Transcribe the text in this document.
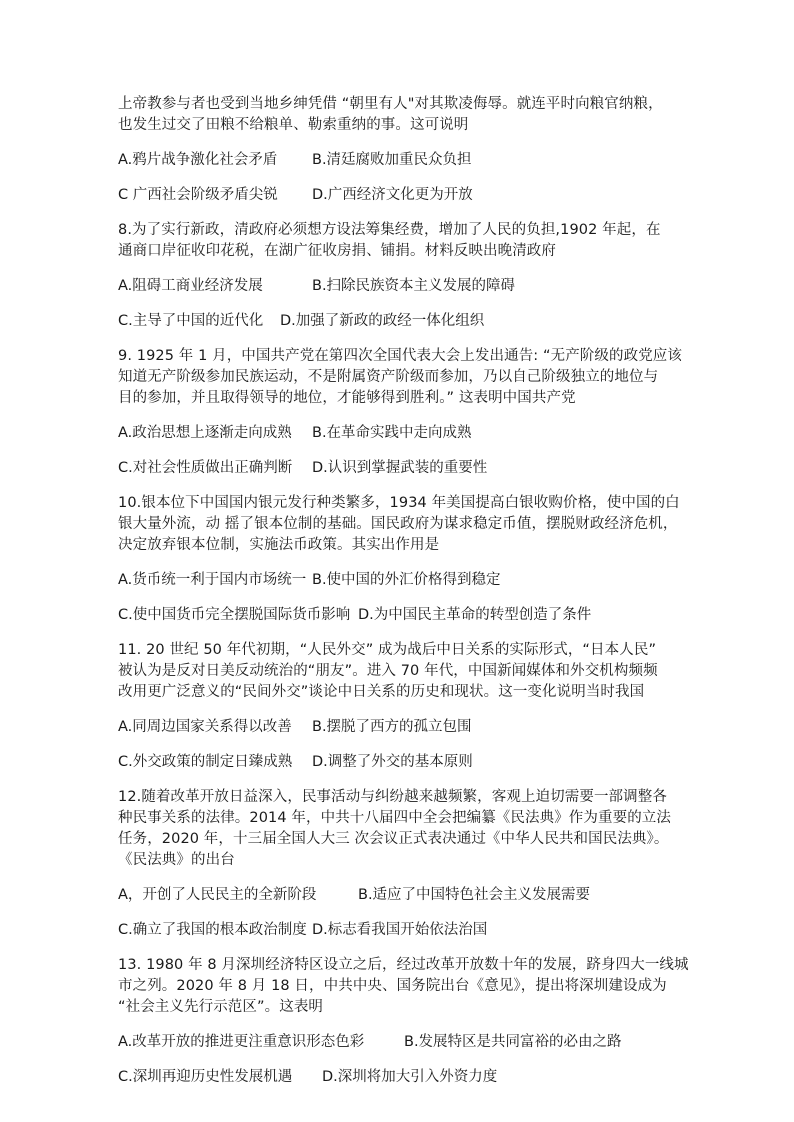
上帝教参与者也受到当地乡绅凭借 “朝里有人"对其欺凌侮辱。就连平时向粮官纳粮，
也发生过交了田粮不给粮单、勒索重纳的事。这可说明

A.鸦片战争激化社会矛盾	B.清廷腐败加重民众负担
C 广西社会阶级矛盾尖锐	D.广西经济文化更为开放

8.为了实行新政，清政府必须想方设法筹集经费，增加了人民的负担,1902 年起，在
通商口岸征收印花税，在湖广征收房捐、铺捐。材料反映出晚清政府

A.阻碍工商业经济发展	B.扫除民族资本主义发展的障碍
C.主导了中国的近代化	D.加强了新政的政经一体化组织

9. 1925 年 1 月，中国共产党在第四次全国代表大会上发出通告: “无产阶级的政党应该
知道无产阶级参加民族运动，不是附属资产阶级而参加，乃以自己阶级独立的地位与
目的参加，并且取得领导的地位，才能够得到胜利。” 这表明中国共产党

A.政治思想上逐渐走向成熟	B.在革命实践中走向成熟
C.对社会性质做出正确判断	D.认识到掌握武装的重要性

10.银本位下中国国内银元发行种类繁多，1934 年美国提高白银收购价格，使中国的白
银大量外流，动 摇了银本位制的基础。国民政府为谋求稳定币值，摆脱财政经济危机，
决定放弃银本位制，实施法币政策。其实出作用是

A.货币统一利于国内市场统一 B.使中国的外汇价格得到稳定
C.使中国货币完全摆脱国际货币影响 D.为中国民主革命的转型创造了条件

11. 20 世纪 50 年代初期，“人民外交” 成为战后中日关系的实际形式，“日本人民”
被认为是反对日美反动统治的“朋友”。进入 70 年代，中国新闻媒体和外交机构频频
改用更广泛意义的“民间外交”谈论中日关系的历史和现状。这一变化说明当时我国

A.同周边国家关系得以改善	B.摆脱了西方的孤立包围
C.外交政策的制定日臻成熟	D.调整了外交的基本原则

12.随着改革开放日益深入，民事活动与纠纷越来越频繁，客观上迫切需要一部调整各
种民事关系的法律。2014 年，中共十八届四中全会把编纂《民法典》作为重要的立法
任务，2020 年，十三届全国人大三 次会议正式表决通过《中华人民共和国民法典》。
《民法典》的出台

A，开创了人民民主的全新阶段	B.适应了中国特色社会主义发展需要
C.确立了我国的根本政治制度 D.标志看我国开始依法治国

13. 1980 年 8 月深圳经济特区设立之后，经过改革开放数十年的发展，跻身四大一线城
市之列。2020 年 8 月 18 日，中共中央、国务院出台《意见》，提出将深圳建设成为
“社会主义先行示范区”。这表明

A.改革开放的推进更注重意识形态色彩	B.发展特区是共同富裕的必由之路
C.深圳再迎历史性发展机遇	D.深圳将加大引入外资力度
